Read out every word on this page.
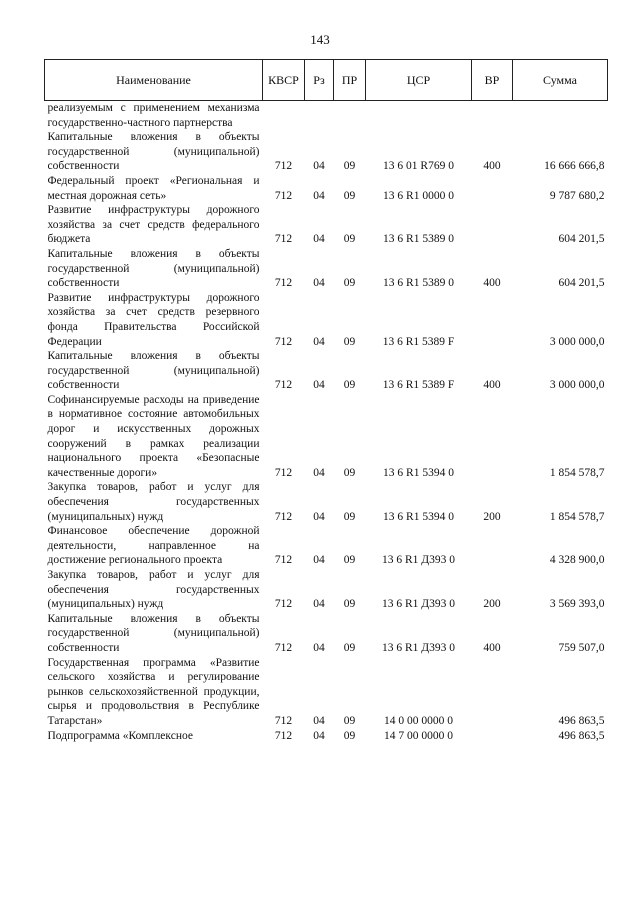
143
Наименование	КВСР	Рз	ПР	ЦСР	ВР	Сумма
реализуемым с применением механизма государственно-частного партнерства						
Капитальные вложения в объекты государственной (муниципальной) собственности	712	04	09	13 6 01 R769 0	400	16 666 666,8
Федеральный проект «Региональная и местная дорожная сеть»	712	04	09	13 6 R1 0000 0		9 787 680,2
Развитие инфраструктуры дорожного хозяйства за счет средств федерального бюджета	712	04	09	13 6 R1 5389 0		604 201,5
Капитальные вложения в объекты государственной (муниципальной) собственности	712	04	09	13 6 R1 5389 0	400	604 201,5
Развитие инфраструктуры дорожного хозяйства за счет средств резервного фонда Правительства Российской Федерации	712	04	09	13 6 R1 5389 F		3 000 000,0
Капитальные вложения в объекты государственной (муниципальной) собственности	712	04	09	13 6 R1 5389 F	400	3 000 000,0
Софинансируемые расходы на приведение в нормативное состояние автомобильных дорог и искусственных дорожных сооружений в рамках реализации национального проекта «Безопасные качественные дороги»	712	04	09	13 6 R1 5394 0		1 854 578,7
Закупка товаров, работ и услуг для обеспечения государственных (муниципальных) нужд	712	04	09	13 6 R1 5394 0	200	1 854 578,7
Финансовое обеспечение дорожной деятельности, направленное на достижение регионального проекта	712	04	09	13 6 R1 Д393 0		4 328 900,0
Закупка товаров, работ и услуг для обеспечения государственных (муниципальных) нужд	712	04	09	13 6 R1 Д393 0	200	3 569 393,0
Капитальные вложения в объекты государственной (муниципальной) собственности	712	04	09	13 6 R1 Д393 0	400	759 507,0
Государственная программа «Развитие сельского хозяйства и регулирование рынков сельскохозяйственной продукции, сырья и продовольствия в Республике Татарстан»	712	04	09	14 0 00 0000 0		496 863,5
Подпрограмма «Комплексное	712	04	09	14 7 00 0000 0		496 863,5
